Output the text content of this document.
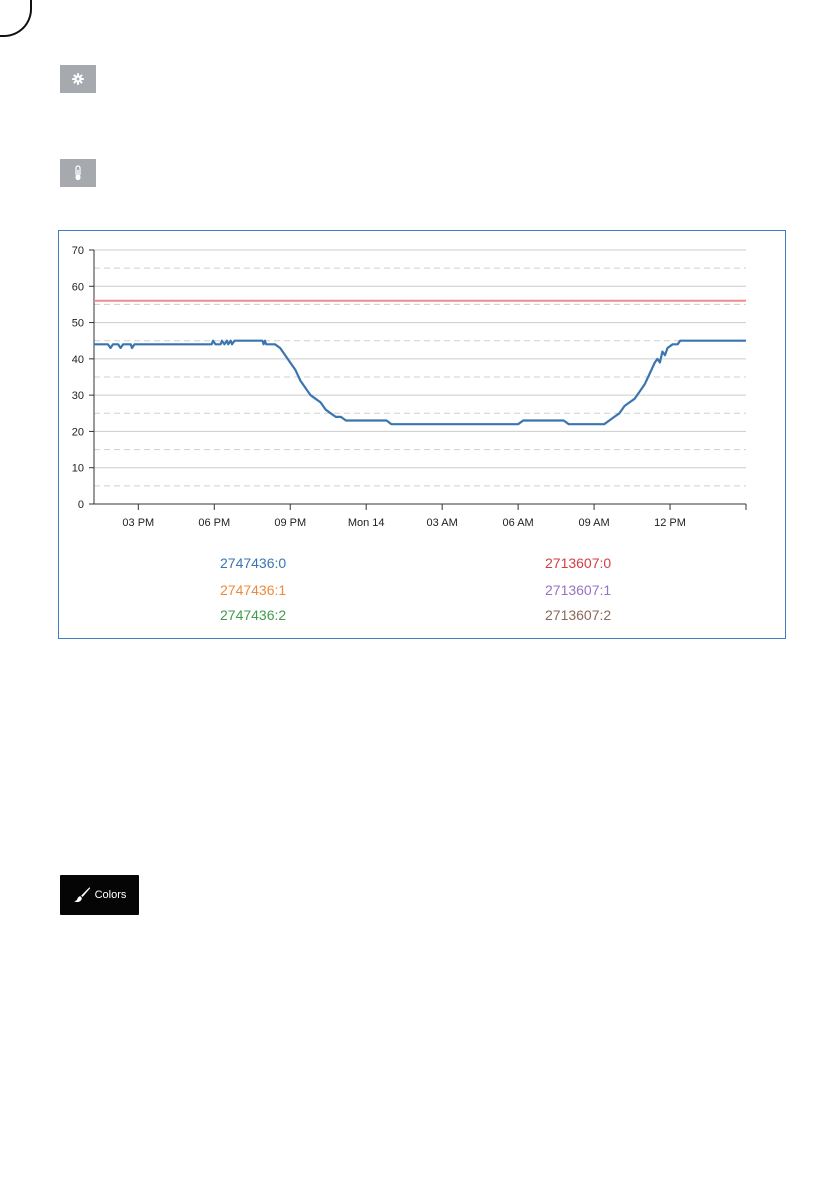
0
10
20
30
40
50
60
70
03 PM	06 PM	09 PM	Mon 14	03 AM	06 AM	09 AM	12 PM
2747436:0
2747436:1
2747436:2
2713607:0
2713607:1
2713607:2
Colors
